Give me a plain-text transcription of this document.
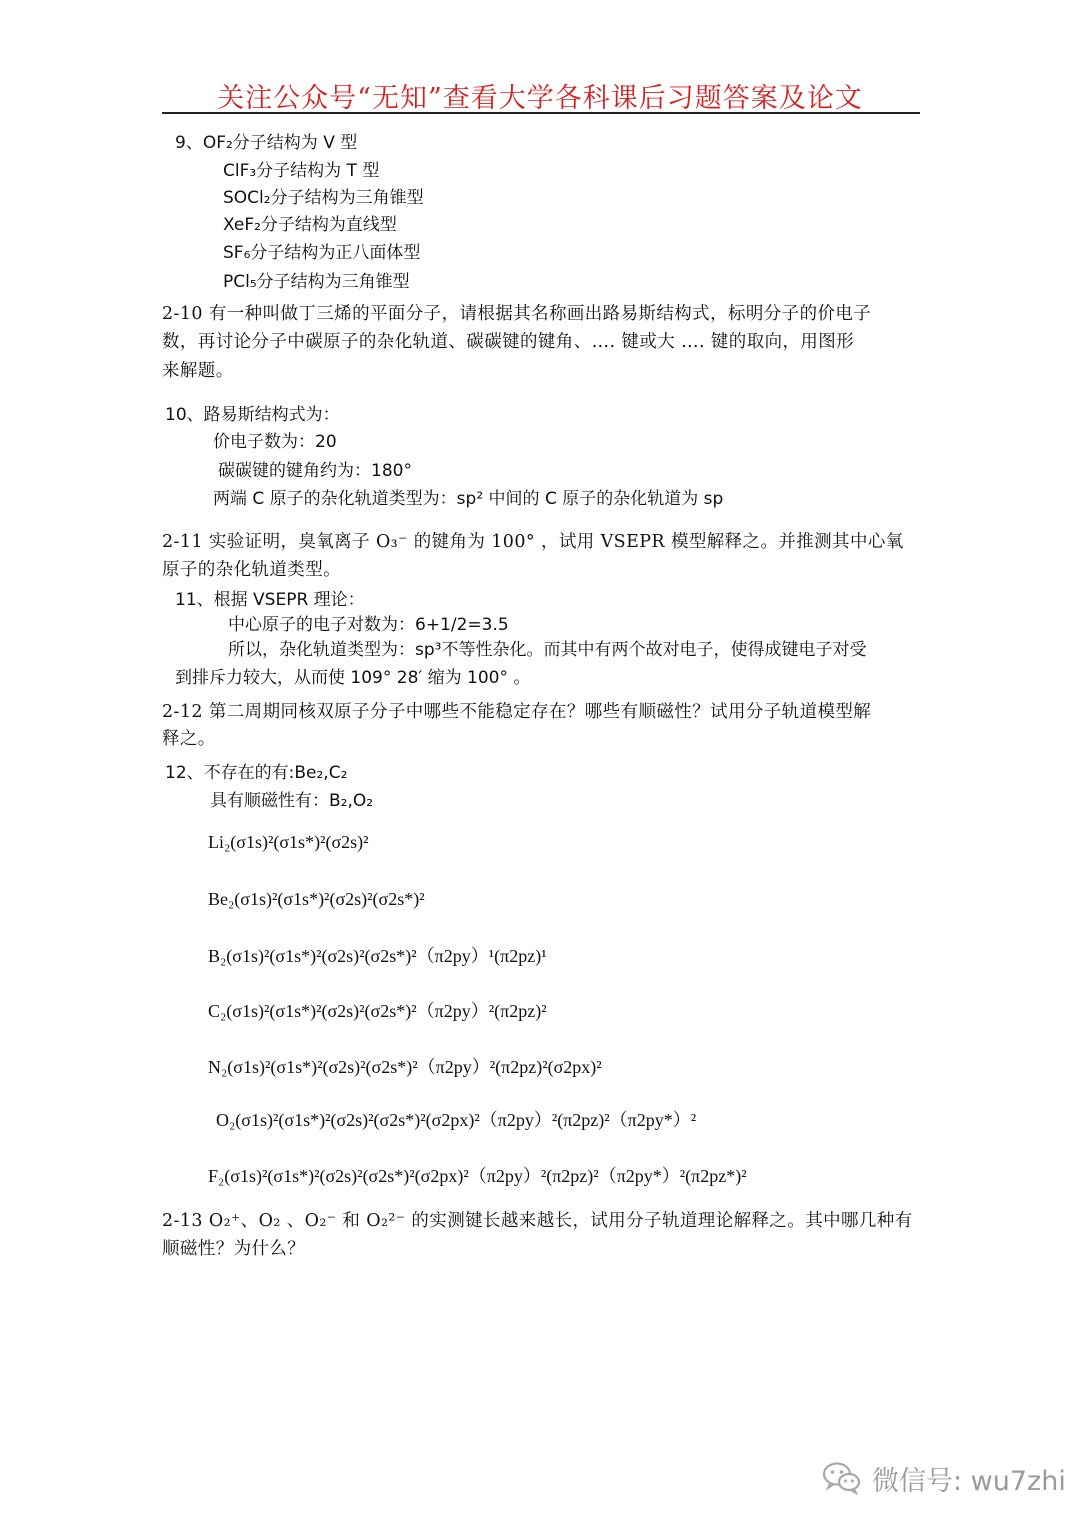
关注公众号“无知”查看大学各科课后习题答案及论文
9、OF₂分子结构为 V 型
ClF₃分子结构为 T 型
SOCl₂分子结构为三角锥型
XeF₂分子结构为直线型
SF₆分子结构为正八面体型
PCl₅分子结构为三角锥型
2-10 有一种叫做丁三烯的平面分子，请根据其名称画出路易斯结构式，标明分子的价电子
数，再讨论分子中碳原子的杂化轨道、碳碳键的键角、…. 键或大 …. 键的取向，用图形
来解题。
10、路易斯结构式为：
价电子数为：20
碳碳键的键角约为：180°
两端 C 原子的杂化轨道类型为：sp² 中间的 C 原子的杂化轨道为 sp
2-11 实验证明，臭氧离子 O₃⁻ 的键角为 100° ，试用 VSEPR 模型解释之。并推测其中心氧
原子的杂化轨道类型。
11、根据 VSEPR 理论：
中心原子的电子对数为：6+1/2=3.5
所以，杂化轨道类型为：sp³不等性杂化。而其中有两个故对电子，使得成键电子对受
到排斥力较大，从而使 109° 28′ 缩为 100° 。
2-12 第二周期同核双原子分子中哪些不能稳定存在？哪些有顺磁性？试用分子轨道模型解
释之。
12、不存在的有:Be₂,C₂
具有顺磁性有：B₂,O₂
Li₂(σ1s)²(σ1s*)²(σ2s)²
Be₂(σ1s)²(σ1s*)²(σ2s)²(σ2s*)²
B₂(σ1s)²(σ1s*)²(σ2s)²(σ2s*)²（π2py）¹(π2pz)¹
C₂(σ1s)²(σ1s*)²(σ2s)²(σ2s*)²（π2py）²(π2pz)²
N₂(σ1s)²(σ1s*)²(σ2s)²(σ2s*)²（π2py）²(π2pz)²(σ2px)²
O₂(σ1s)²(σ1s*)²(σ2s)²(σ2s*)²(σ2px)²（π2py）²(π2pz)²（π2py*）²
F₂(σ1s)²(σ1s*)²(σ2s)²(σ2s*)²(σ2px)²（π2py）²(π2pz)²（π2py*）²(π2pz*)²
2-13 O₂⁺、O₂ 、O₂⁻ 和 O₂²⁻ 的实测键长越来越长，试用分子轨道理论解释之。其中哪几种有
顺磁性？为什么？
微信号: wu7zhi
